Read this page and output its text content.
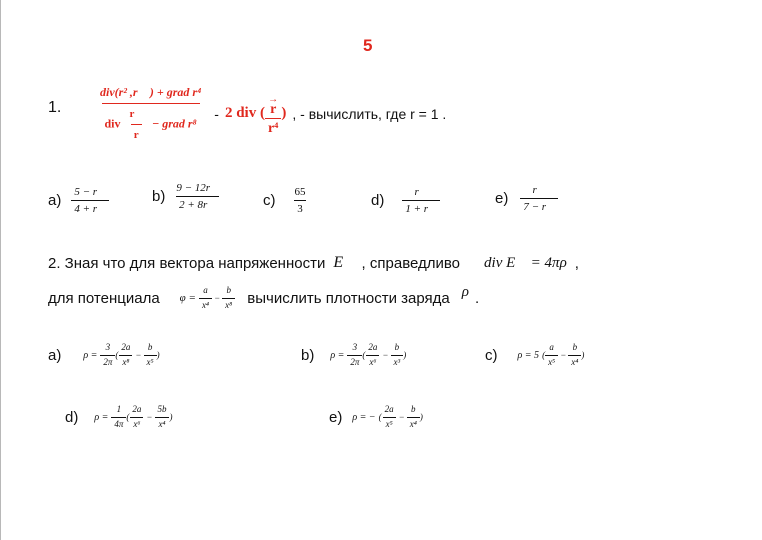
5
1.
div(r² ,r⃗ ) + grad r⁴
div $\frac{r⃗}{r}$ − grad r⁸
- 2 div ( →
r
r⁴ ) , - вычислить, где r = 1 .
$a) \frac{5 - r⃗}{4 + r⃗}$	$b) \frac{9 - 12r⃗}{2 + 8r⃗}$	$c) \frac{65}{3}$	$d) \frac{r⃗}{1 + r⃗}$	$e) \frac{r⃗}{7 - r⃗}$
2. Зная что для вектора напряженности E⃗ , справедливо div E⃗ = 4πρ ,
для потенциала $\varphi = \frac{a}{\text{x⁴}} - \frac{b}{\text{x⁸}}$ вычислить плотности заряда ρ .
a) $\rho = \frac{3}{2\pi}$ ( $\frac{2a}{\text{x⁸}} - \frac{b}{\text{x⁵}}$ )	b) $\rho = \frac{3}{2\pi}$ ( $\frac{2a}{\text{x⁶}} - \frac{b}{\text{x³}}$ )	c) ρ = 5 ( $\frac{a}{\text{x⁵}} - \frac{b}{\text{x⁴}}$ )
d) $\rho = \frac{1}{4\pi}$ ( $\frac{2a}{\text{x⁶}} - \frac{5b}{\text{x⁴}}$ )	e) ρ = − ( $\frac{2a}{\text{x⁵}} - \frac{b}{\text{x⁴}}$ )
